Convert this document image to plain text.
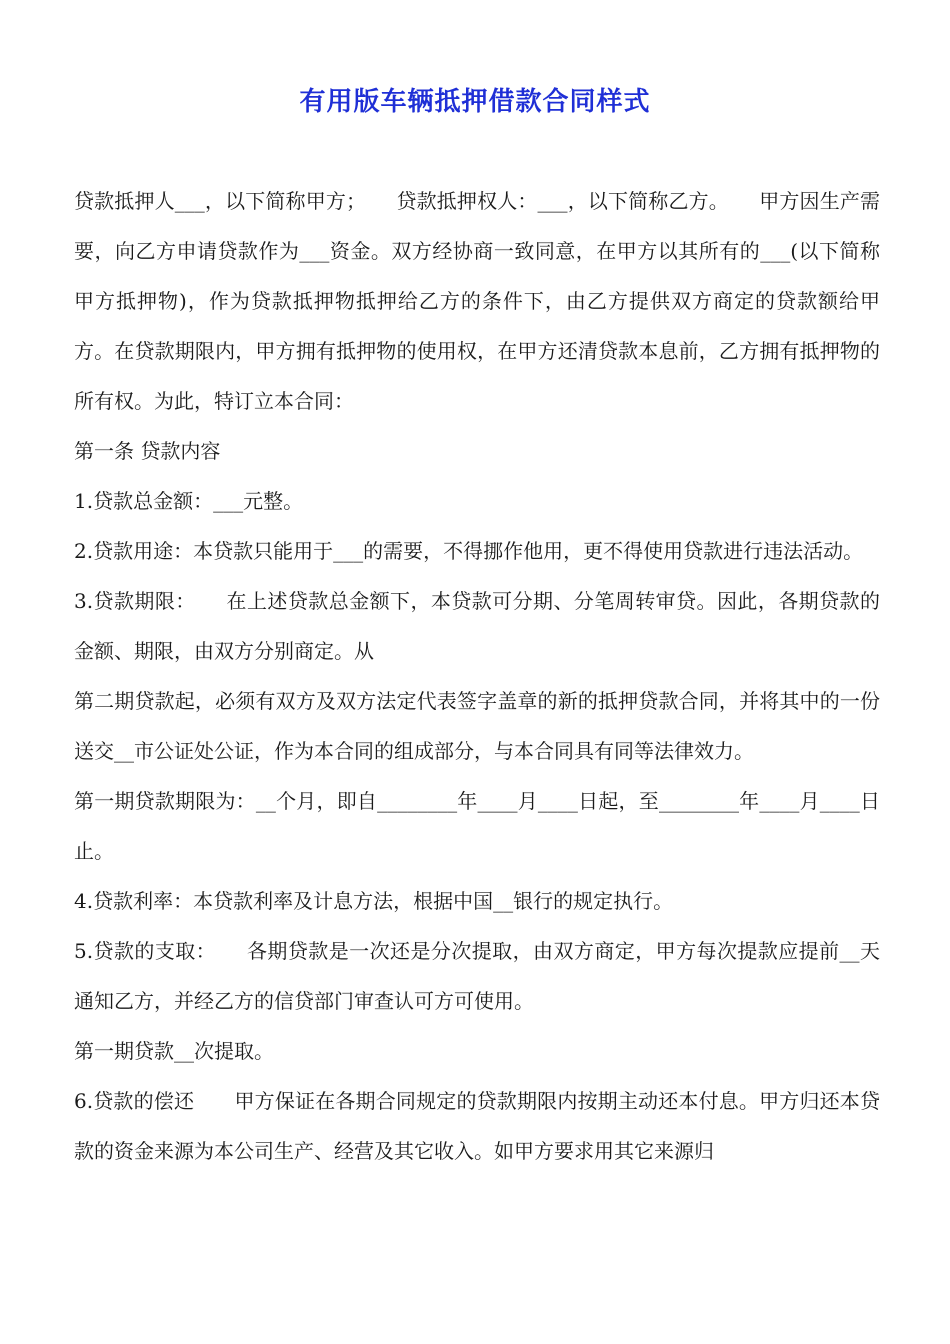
有用版车辆抵押借款合同样式

贷款抵押人___，以下简称甲方；　　贷款抵押权人：___，以下简称乙方。　　甲方因生产需要，向乙方申请贷款作为___资金。双方经协商一致同意，在甲方以其所有的___(以下简称甲方抵押物)，作为贷款抵押物抵押给乙方的条件下，由乙方提供双方商定的贷款额给甲方。在贷款期限内，甲方拥有抵押物的使用权，在甲方还清贷款本息前，乙方拥有抵押物的所有权。为此，特订立本合同：

第一条 贷款内容

1.贷款总金额：___元整。

2.贷款用途：本贷款只能用于___的需要，不得挪作他用，更不得使用贷款进行违法活动。

3.贷款期限：　　在上述贷款总金额下，本贷款可分期、分笔周转审贷。因此，各期贷款的金额、期限，由双方分别商定。从

第二期贷款起，必须有双方及双方法定代表签字盖章的新的抵押贷款合同，并将其中的一份送交__市公证处公证，作为本合同的组成部分，与本合同具有同等法律效力。

第一期贷款期限为：__个月，即自________年____月____日起，至________年____月____日止。

4.贷款利率：本贷款利率及计息方法，根据中国__银行的规定执行。

5.贷款的支取：　　各期贷款是一次还是分次提取，由双方商定，甲方每次提款应提前__天通知乙方，并经乙方的信贷部门审查认可方可使用。

第一期贷款__次提取。

6.贷款的偿还　　甲方保证在各期合同规定的贷款期限内按期主动还本付息。甲方归还本贷款的资金来源为本公司生产、经营及其它收入。如甲方要求用其它来源归
